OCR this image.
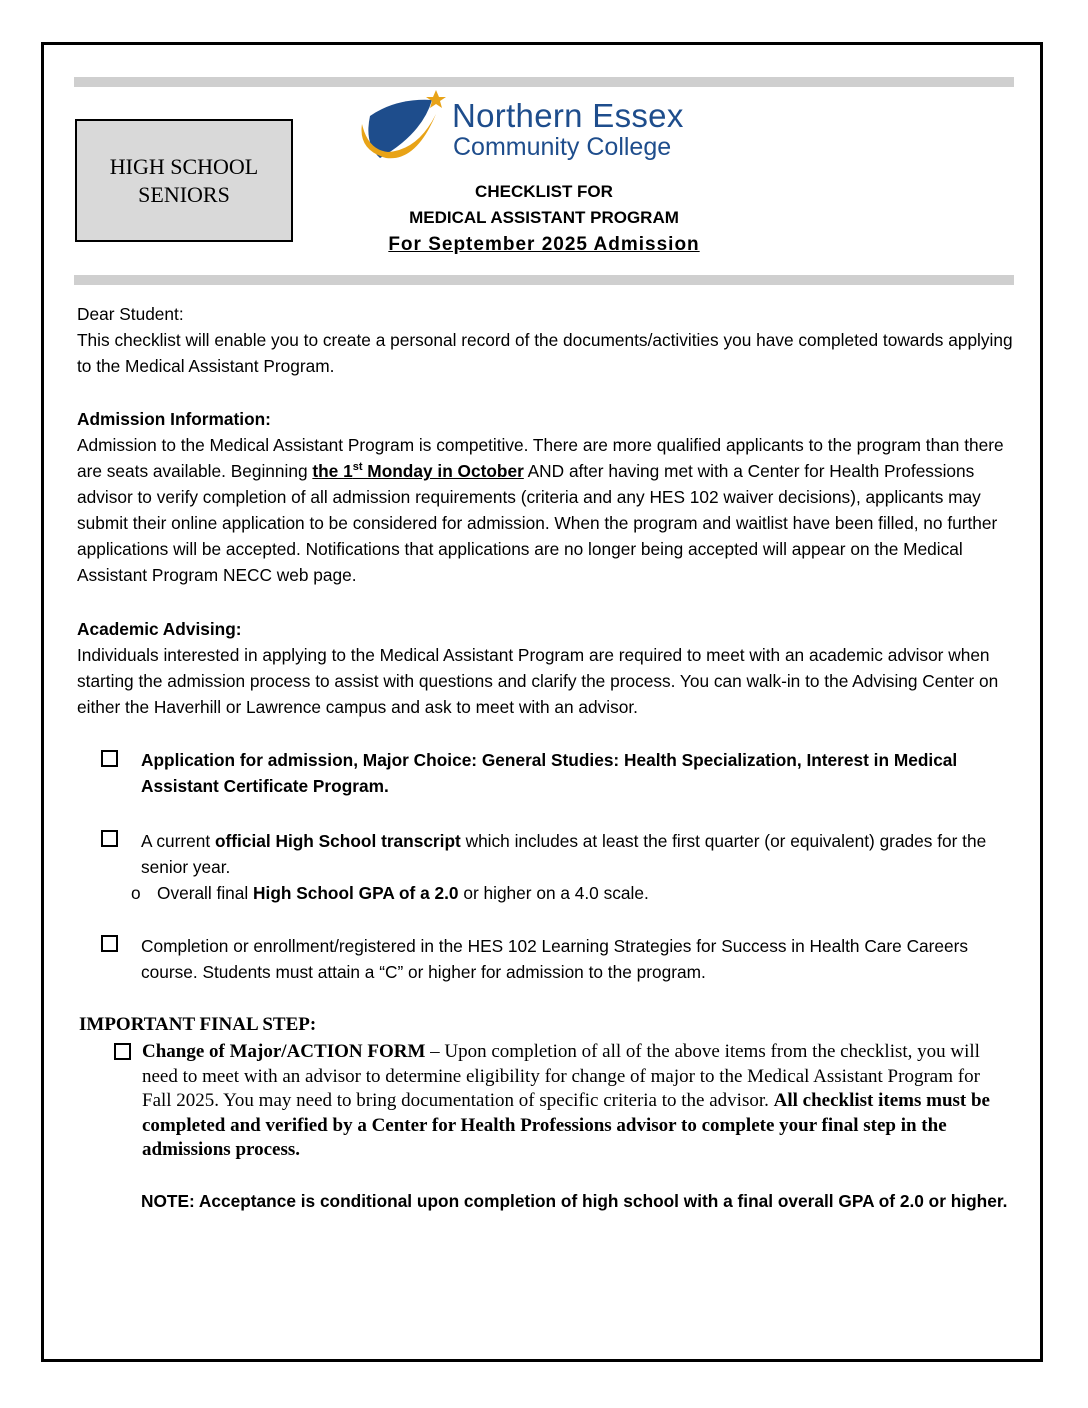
HIGH SCHOOL
SENIORS
Northern Essex
Community College
CHECKLIST FOR
MEDICAL ASSISTANT PROGRAM
For September 2025 Admission

Dear Student:

This checklist will enable you to create a personal record of the documents/activities you have completed towards applying to the Medical Assistant Program.

Admission Information:

Admission to the Medical Assistant Program is competitive. There are more qualified applicants to the program than there are seats available. Beginning the 1st Monday in October AND after having met with a Center for Health Professions advisor to verify completion of all admission requirements (criteria and any HES 102 waiver decisions), applicants may submit their online application to be considered for admission. When the program and waitlist have been filled, no further applications will be accepted. Notifications that applications are no longer being accepted will appear on the Medical Assistant Program NECC web page.

Academic Advising:

Individuals interested in applying to the Medical Assistant Program are required to meet with an academic advisor when starting the admission process to assist with questions and clarify the process. You can walk-in to the Advising Center on either the Haverhill or Lawrence campus and ask to meet with an advisor.

Application for admission, Major Choice: General Studies: Health Specialization, Interest in Medical Assistant Certificate Program.
A current official High School transcript which includes at least the first quarter (or equivalent) grades for the senior year.
o Overall final High School GPA of a 2.0 or higher on a 4.0 scale.
Completion or enrollment/registered in the HES 102 Learning Strategies for Success in Health Care Careers course. Students must attain a “C” or higher for admission to the program.
IMPORTANT FINAL STEP:
Change of Major/ACTION FORM – Upon completion of all of the above items from the checklist, you will need to meet with an advisor to determine eligibility for change of major to the Medical Assistant Program for Fall 2025. You may need to bring documentation of specific criteria to the advisor. All checklist items must be completed and verified by a Center for Health Professions advisor to complete your final step in the admissions process.
NOTE: Acceptance is conditional upon completion of high school with a final overall GPA of 2.0 or higher.
